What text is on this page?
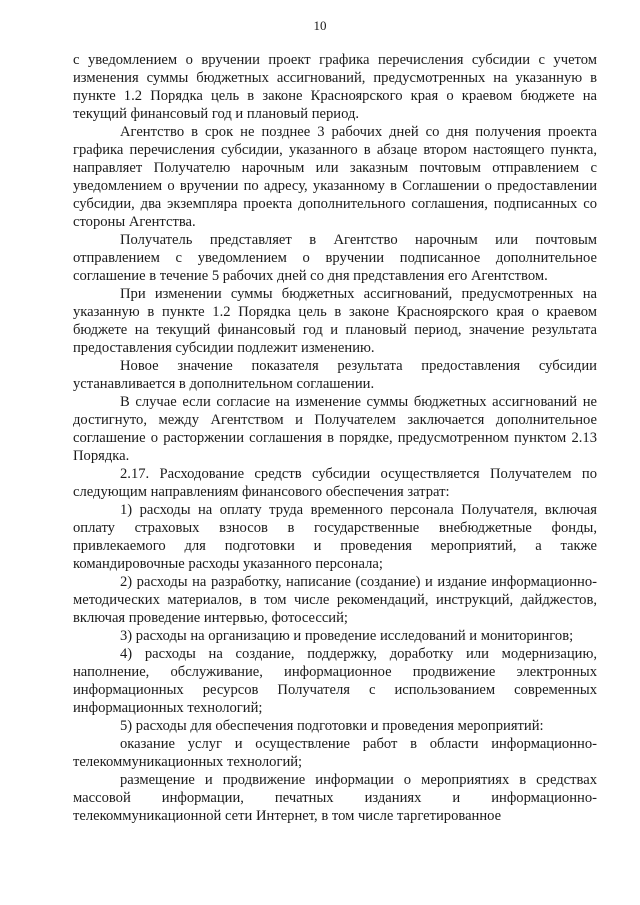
10

с уведомлением о вручении проект графика перечисления субсидии с учетом изменения суммы бюджетных ассигнований, предусмотренных на указанную в пункте 1.2 Порядка цель в законе Красноярского края о краевом бюджете на текущий финансовый год и плановый период.

Агентство в срок не позднее 3 рабочих дней со дня получения проекта графика перечисления субсидии, указанного в абзаце втором настоящего пункта, направляет Получателю нарочным или заказным почтовым отправлением с уведомлением о вручении по адресу, указанному в Соглашении о предоставлении субсидии, два экземпляра проекта дополнительного соглашения, подписанных со стороны Агентства.

Получатель представляет в Агентство нарочным или почтовым отправлением с уведомлением о вручении подписанное дополнительное соглашение в течение 5 рабочих дней со дня представления его Агентством.

При изменении суммы бюджетных ассигнований, предусмотренных на указанную в пункте 1.2 Порядка цель в законе Красноярского края о краевом бюджете на текущий финансовый год и плановый период, значение результата предоставления субсидии подлежит изменению.

Новое значение показателя результата предоставления субсидии устанавливается в дополнительном соглашении.

В случае если согласие на изменение суммы бюджетных ассигнований не достигнуто, между Агентством и Получателем заключается дополнительное соглашение о расторжении соглашения в порядке, предусмотренном пунктом 2.13 Порядка.

2.17. Расходование средств субсидии осуществляется Получателем по следующим направлениям финансового обеспечения затрат:

1) расходы на оплату труда временного персонала Получателя, включая оплату страховых взносов в государственные внебюджетные фонды, привлекаемого для подготовки и проведения мероприятий, а также командировочные расходы указанного персонала;

2) расходы на разработку, написание (создание) и издание информационно-методических материалов, в том числе рекомендаций, инструкций, дайджестов, включая проведение интервью, фотосессий;

3) расходы на организацию и проведение исследований и мониторингов;

4) расходы на создание, поддержку, доработку или модернизацию, наполнение, обслуживание, информационное продвижение электронных информационных ресурсов Получателя с использованием современных информационных технологий;

5) расходы для обеспечения подготовки и проведения мероприятий:

оказание услуг и осуществление работ в области информационно-телекоммуникационных технологий;

размещение и продвижение информации о мероприятиях в средствах массовой информации, печатных изданиях и информационно-телекоммуникационной сети Интернет, в том числе таргетированное
